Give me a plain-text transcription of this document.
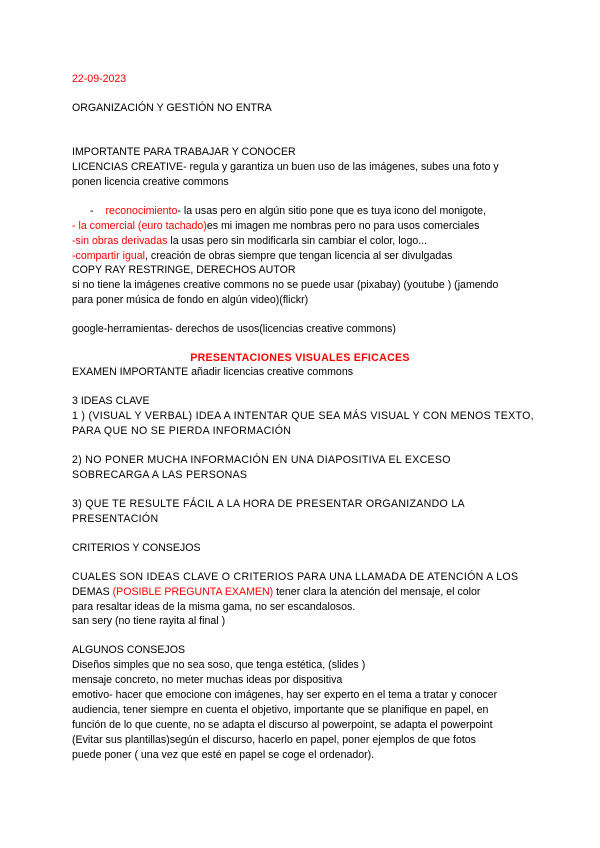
22-09-2023
ORGANIZACIÓN Y GESTIÓN NO ENTRA
IMPORTANTE PARA TRABAJAR Y CONOCER
LICENCIAS CREATIVE- regula y garantiza un buen uso de las imágenes, subes una foto y
ponen licencia creative commons
- reconocimiento- la usas pero en algún sitio pone que es tuya icono del monigote,
- la comercial (euro tachado)es mi imagen me nombras pero no para usos comerciales
-sin obras derivadas la usas pero sin modificarla sin cambiar el color, logo...
-compartir igual, creación de obras siempre que tengan licencia al ser divulgadas
COPY RAY RESTRINGE, DERECHOS AUTOR
si no tiene la imágenes creative commons no se puede usar (pixabay) (youtube ) (jamendo
para poner música de fondo en algún video)(flickr)
google-herramientas- derechos de usos(licencias creative commons)
PRESENTACIONES VISUALES EFICACES
EXAMEN IMPORTANTE añadir licencias creative commons
3 IDEAS CLAVE
1 ) (VISUAL Y VERBAL) IDEA A INTENTAR QUE SEA MÁS VISUAL Y CON MENOS TEXTO,
PARA QUE NO SE PIERDA INFORMACIÓN
2) NO PONER MUCHA INFORMACIÓN EN UNA DIAPOSITIVA EL EXCESO
SOBRECARGA A LAS PERSONAS
3) QUE TE RESULTE FÁCIL A LA HORA DE PRESENTAR ORGANIZANDO LA
PRESENTACIÓN
CRITERIOS Y CONSEJOS
CUALES SON IDEAS CLAVE O CRITERIOS PARA UNA LLAMADA DE ATENCIÓN A LOS
DEMAS (POSIBLE PREGUNTA EXAMEN) tener clara la atención del mensaje, el color
para resaltar ideas de la misma gama, no ser escandalosos.
san sery (no tiene rayita al final )
ALGUNOS CONSEJOS
Diseños simples que no sea soso, que tenga estética, (slides )
mensaje concreto, no meter muchas ideas por dispositiva
emotivo- hacer que emocione con imágenes, hay ser experto en el tema a tratar y conocer
audiencia, tener siempre en cuenta el objetivo, importante que se planifique en papel, en
función de lo que cuente, no se adapta el discurso al powerpoint, se adapta el powerpoint
(Evitar sus plantillas)según el discurso, hacerlo en papel, poner ejemplos de que fotos
puede poner ( una vez que esté en papel se coge el ordenador).
